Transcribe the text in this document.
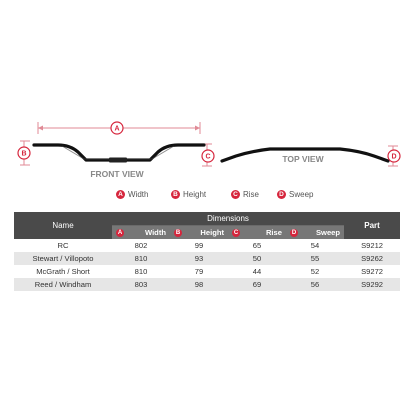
A
B	C
FRONT VIEW
TOP VIEW	D
A Width	B Height	C Rise	D Sweep
Name	Dimensions				Part

A Width	B Height	C Rise	D Sweep	

RC	802	99	65	54	S9212
Stewart / Villopoto	810	93	50	55	S9262
McGrath / Short	810	79	44	52	S9272
Reed / Windham	803	98	69	56	S9292
